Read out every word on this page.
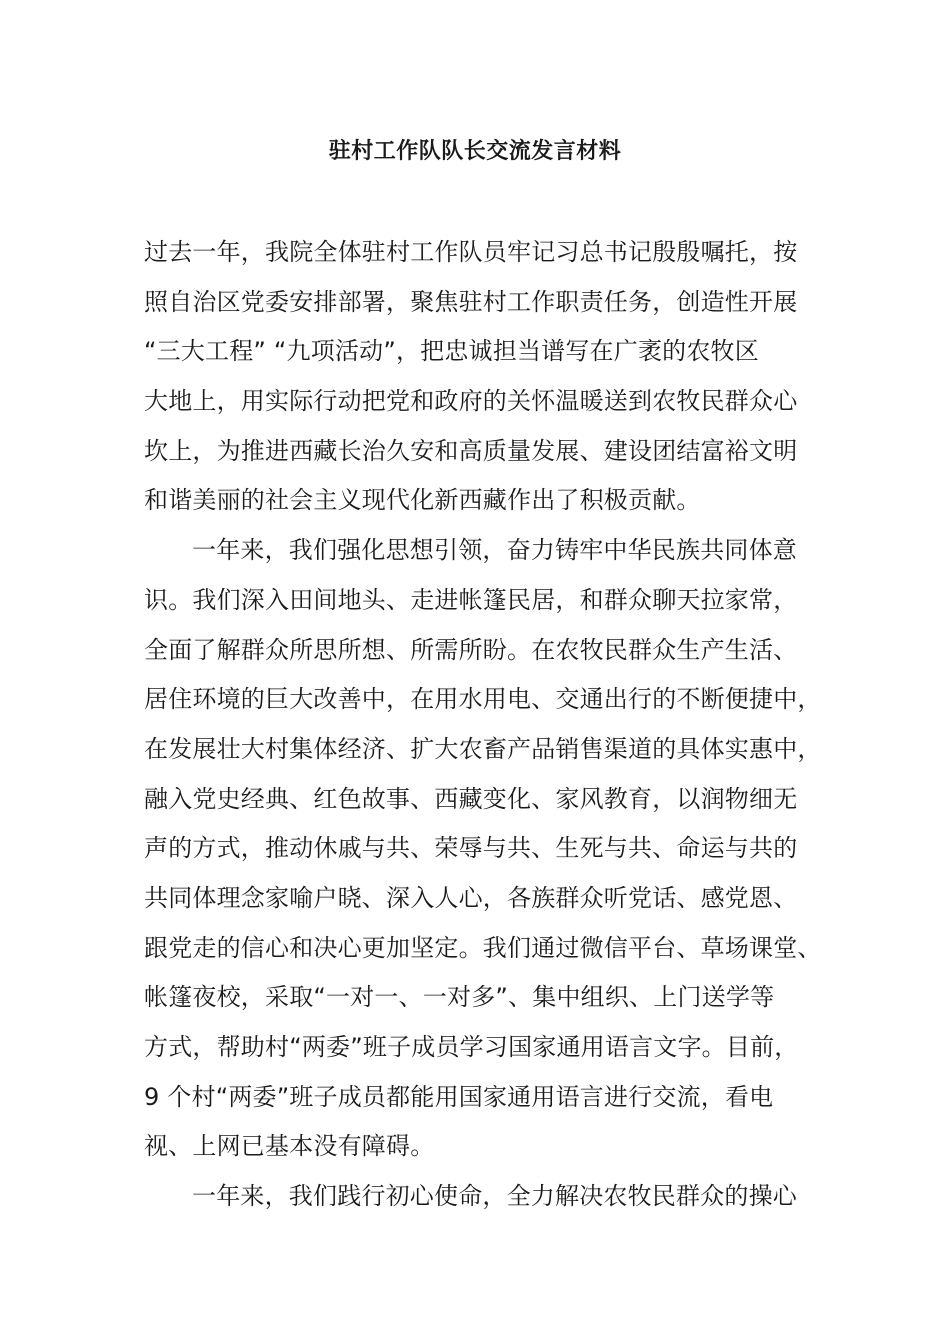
驻村工作队队长交流发言材料
过去一年，我院全体驻村工作队员牢记习总书记殷殷嘱托，按
照自治区党委安排部署，聚焦驻村工作职责任务，创造性开展
“三大工程” “九项活动”，把忠诚担当谱写在广袤的农牧区
大地上，用实际行动把党和政府的关怀温暖送到农牧民群众心
坎上，为推进西藏长治久安和高质量发展、建设团结富裕文明
和谐美丽的社会主义现代化新西藏作出了积极贡献。
一年来，我们强化思想引领，奋力铸牢中华民族共同体意
识。我们深入田间地头、走进帐篷民居，和群众聊天拉家常，
全面了解群众所思所想、所需所盼。在农牧民群众生产生活、
居住环境的巨大改善中，在用水用电、交通出行的不断便捷中，
在发展壮大村集体经济、扩大农畜产品销售渠道的具体实惠中，
融入党史经典、红色故事、西藏变化、家风教育，以润物细无
声的方式，推动休戚与共、荣辱与共、生死与共、命运与共的
共同体理念家喻户晓、深入人心，各族群众听党话、感党恩、
跟党走的信心和决心更加坚定。我们通过微信平台、草场课堂、
帐篷夜校，采取“一对一、一对多”、集中组织、上门送学等
方式，帮助村“两委”班子成员学习国家通用语言文字。目前，
9 个村“两委”班子成员都能用国家通用语言进行交流，看电
视、上网已基本没有障碍。
一年来，我们践行初心使命，全力解决农牧民群众的操心
